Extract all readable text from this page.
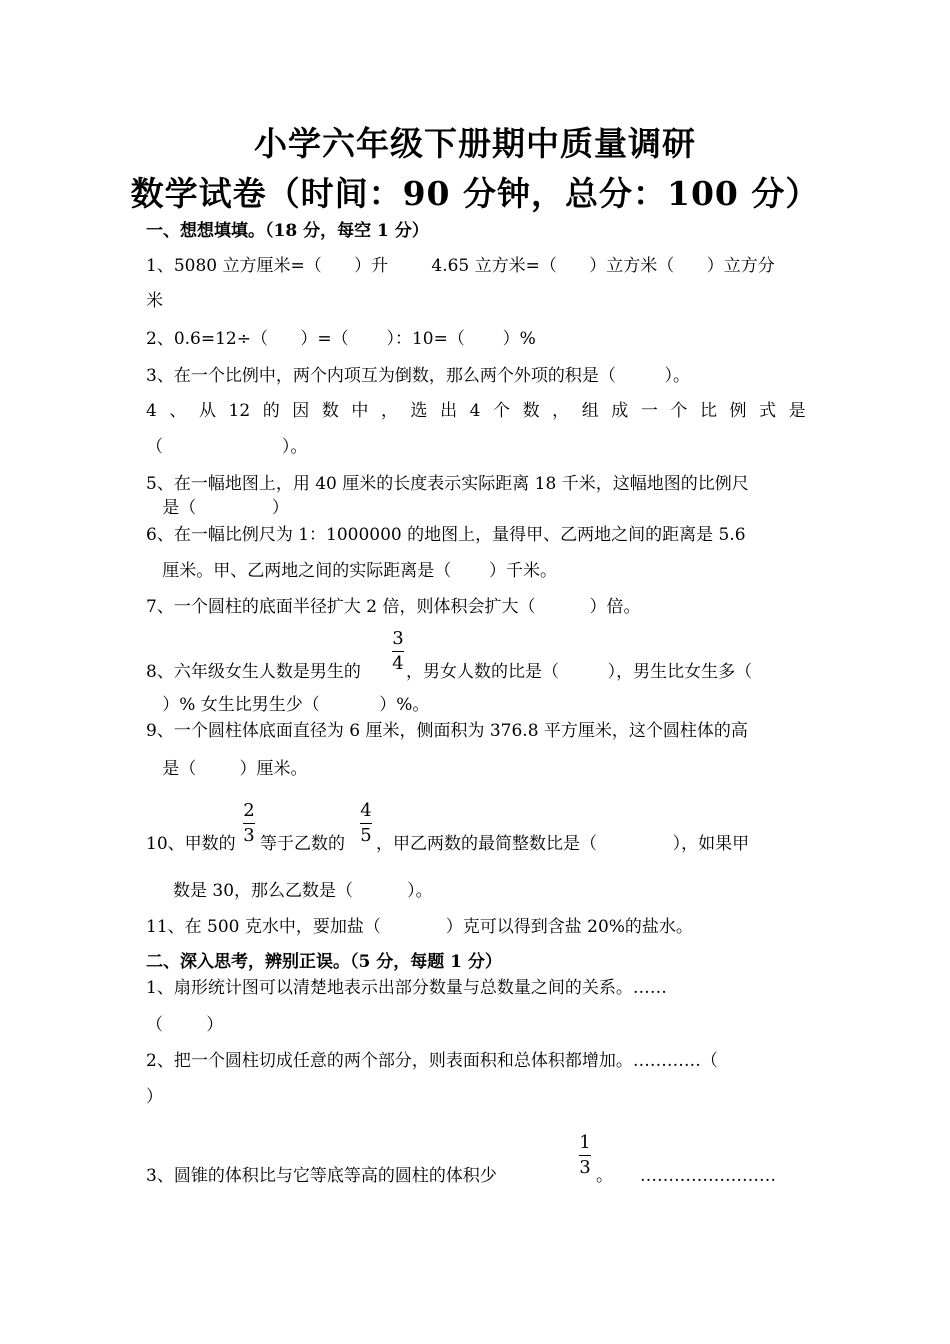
小学六年级下册期中质量调研
数学试卷（时间：90 分钟，总分：100 分）
一、想想填填。（18 分，每空 1 分）
1、5080 立方厘米=（      ）升        4.65 立方米=（      ）立方米（      ）立方分
米
2、0.6=12÷（      ）=（       ）：10=（       ）%
3、在一个比例中，两个内项互为倒数，那么两个外项的积是（         ）。
4 、 从 12 的 因 数 中 ， 选 出 4 个 数 ， 组 成 一 个 比 例 式 是
（                      ）。
5、在一幅地图上，用 40 厘米的长度表示实际距离 18 千米，这幅地图的比例尺
是（              ）
6、在一幅比例尺为 1：1000000 的地图上，量得甲、乙两地之间的距离是 5.6
厘米。甲、乙两地之间的实际距离是（       ）千米。
7、一个圆柱的底面半径扩大 2 倍，则体积会扩大（          ）倍。
8、六年级女生人数是男生的
3
4 ，男女人数的比是（         ），男生比女生多（
）% 女生比男生少（           ）%。
9、一个圆柱体底面直径为 6 厘米，侧面积为 376.8 平方厘米，这个圆柱体的高
是（        ）厘米。
10、甲数的
2
3 等于乙数的
4
5 ，甲乙两数的最简整数比是（              ），如果甲
数是 30，那么乙数是（          ）。
11、在 500 克水中，要加盐（            ）克可以得到含盐 20%的盐水。
二、深入思考，辨别正误。（5 分，每题 1 分）
1、扇形统计图可以清楚地表示出部分数量与总数量之间的关系。……
（        ）
2、把一个圆柱切成任意的两个部分，则表面积和总体积都增加。…………（
）
3、圆锥的体积比与它等底等高的圆柱的体积少
1
3 。     ……………………
